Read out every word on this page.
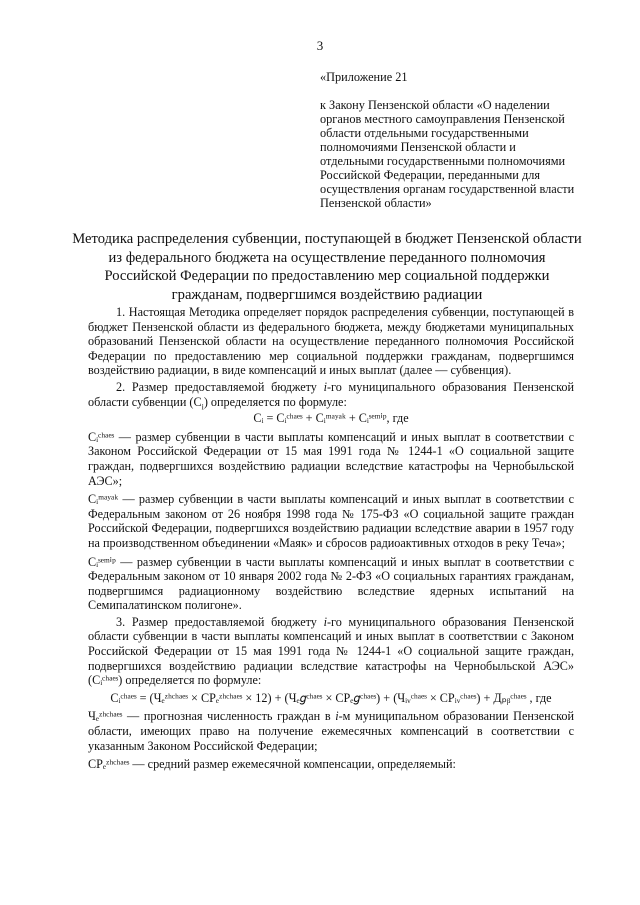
3
«Приложение 21
к Закону Пензенской области «О наделении органов местного самоуправления Пензенской области отдельными государственными полномочиями Пензенской области и отдельными государственными полномочиями Российской Федерации, переданными для осуществления органам государственной власти Пензенской области»
Методика распределения субвенции, поступающей в бюджет Пензенской области из федерального бюджета на осуществление переданного полномочия Российской Федерации по предоставлению мер социальной поддержки гражданам, подвергшимся воздействию радиации

1. Настоящая Методика определяет порядок распределения субвенции, поступающей в бюджет Пензенской области из федерального бюджета, между бюджетами муниципальных образований Пензенской области на осуществление переданного полномочия Российской Федерации по предоставлению мер социальной поддержки гражданам, подвергшимся воздействию радиации, в виде компенсаций и иных выплат (далее — субвенция).

2. Размер предоставляемой бюджету i-го муниципального образования Пензенской области субвенции $(С_i)$ определяется по формуле:

Cᵢ = Cᵢᶜʰᵃᵉˢ + Cᵢᵐᵃʸᵃᵏ + Cᵢˢᵉᵐⁱᵖ, где

Cᵢᶜʰᵃᵉˢ — размер субвенции в части выплаты компенсаций и иных выплат в соответствии с Законом Российской Федерации от 15 мая 1991 года № 1244-1 «О социальной защите граждан, подвергшихся воздействию радиации вследствие катастрофы на Чернобыльской АЭС»;

Cᵢᵐᵃʸᵃᵏ — размер субвенции в части выплаты компенсаций и иных выплат в соответствии с Федеральным законом от 26 ноября 1998 года № 175-ФЗ «О социальной защите граждан Российской Федерации, подвергшихся воздействию радиации вследствие аварии в 1957 году на производственном объединении «Маяк» и сбросов радиоактивных отходов в реку Теча»;

Cᵢˢᵉᵐⁱᵖ — размер субвенции в части выплаты компенсаций и иных выплат в соответствии с Федеральным законом от 10 января 2002 года № 2-ФЗ «О социальных гарантиях гражданам, подвергшимся радиационному воздействию вследствие ядерных испытаний на Семипалатинском полигоне».

3. Размер предоставляемой бюджету i-го муниципального образования Пензенской области субвенции в части выплаты компенсаций и иных выплат в соответствии с Законом Российской Федерации от 15 мая 1991 года № 1244-1 «О социальной защите граждан, подвергшихся воздействию радиации вследствие катастрофы на Чернобыльской АЭС» (Cᵢᶜʰᵃᵉˢ) определяется по формуле:

Cᵢᶜʰᵃᵉˢ = (Чₑᶻʰᶜʰᵃᵉˢ × СРₑᶻʰᶜʰᵃᵉˢ × 12) + (Чₑ𝑔ᶜʰᵃᵉˢ × СРₑ𝑔ᶜʰᵃᵉˢ) + (Чᵢᵥᶜʰᵃᵉˢ × СРᵢᵥᶜʰᵃᵉˢ) + Дₚᵦᶜʰᵃᵉˢ , где

Чₑᶻʰᶜʰᵃᵉˢ — прогнозная численность граждан в i-м муниципальном образовании Пензенской области, имеющих право на получение ежемесячных компенсаций в соответствии с указанным Законом Российской Федерации;

СРₑᶻʰᶜʰᵃᵉˢ — средний размер ежемесячной компенсации, определяемый:
